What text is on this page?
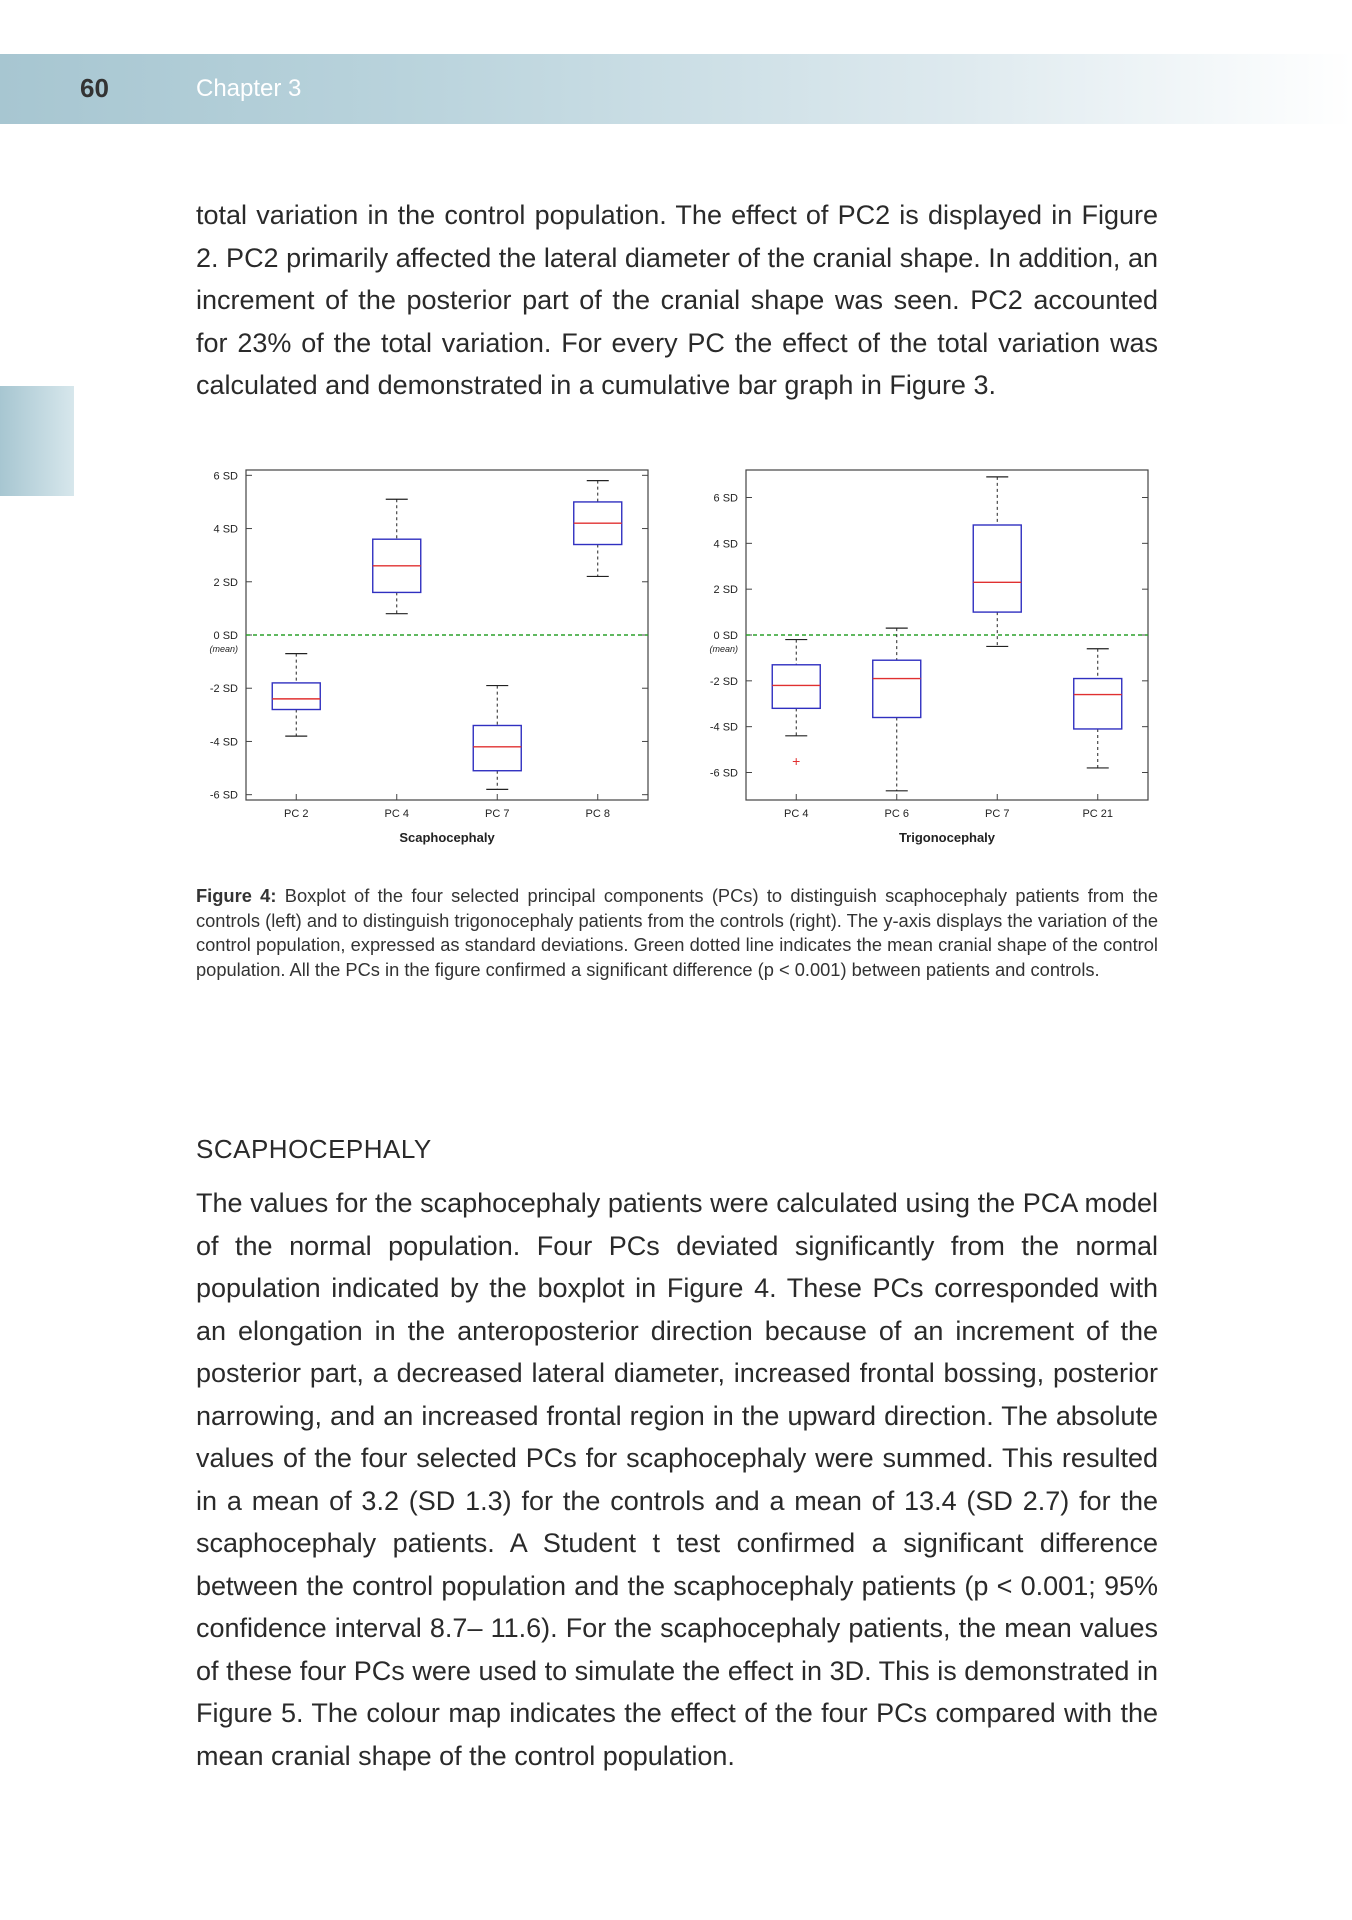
60	Chapter 3

total variation in the control population. The effect of PC2 is displayed in Figure 2. PC2 primarily affected the lateral diameter of the cranial shape. In addition, an increment of the posterior part of the cranial shape was seen. PC2 accounted for 23% of the total variation. For every PC the effect of the total variation was calculated and demonstrated in a cumulative bar graph in Figure 3.

6 SD
4 SD
2 SD
0 SD
(mean)
-2 SD
-4 SD
-6 SD
PC 2	PC 4	PC 7	PC 8
Scaphocephaly
6 SD
4 SD
2 SD
0 SD
(mean)
-2 SD
-4 SD
-6 SD
+
PC 4	PC 6	PC 7	PC 21
Trigonocephaly
Figure 4: Boxplot of the four selected principal components (PCs) to distinguish scaphocephaly patients from the controls (left) and to distinguish trigonocephaly patients from the controls (right). The y-axis displays the variation of the control population, expressed as standard deviations. Green dotted line indicates the mean cranial shape of the control population. All the PCs in the figure confirmed a significant difference (p < 0.001) between patients and controls.
SCAPHOCEPHALY

The values for the scaphocephaly patients were calculated using the PCA model of the normal population. Four PCs deviated significantly from the normal population indicated by the boxplot in Figure 4. These PCs corresponded with an elongation in the anteroposterior direction because of an increment of the posterior part, a decreased lateral diameter, increased frontal bossing, posterior narrowing, and an increased frontal region in the upward direction. The absolute values of the four selected PCs for scaphocephaly were summed. This resulted in a mean of 3.2 (SD 1.3) for the controls and a mean of 13.4 (SD 2.7) for the scaphocephaly patients. A Student t test confirmed a significant difference between the control population and the scaphocephaly patients (p < 0.001; 95% confidence interval 8.7– 11.6). For the scaphocephaly patients, the mean values of these four PCs were used to simulate the effect in 3D. This is demonstrated in Figure 5. The colour map indicates the effect of the four PCs compared with the mean cranial shape of the control population.
